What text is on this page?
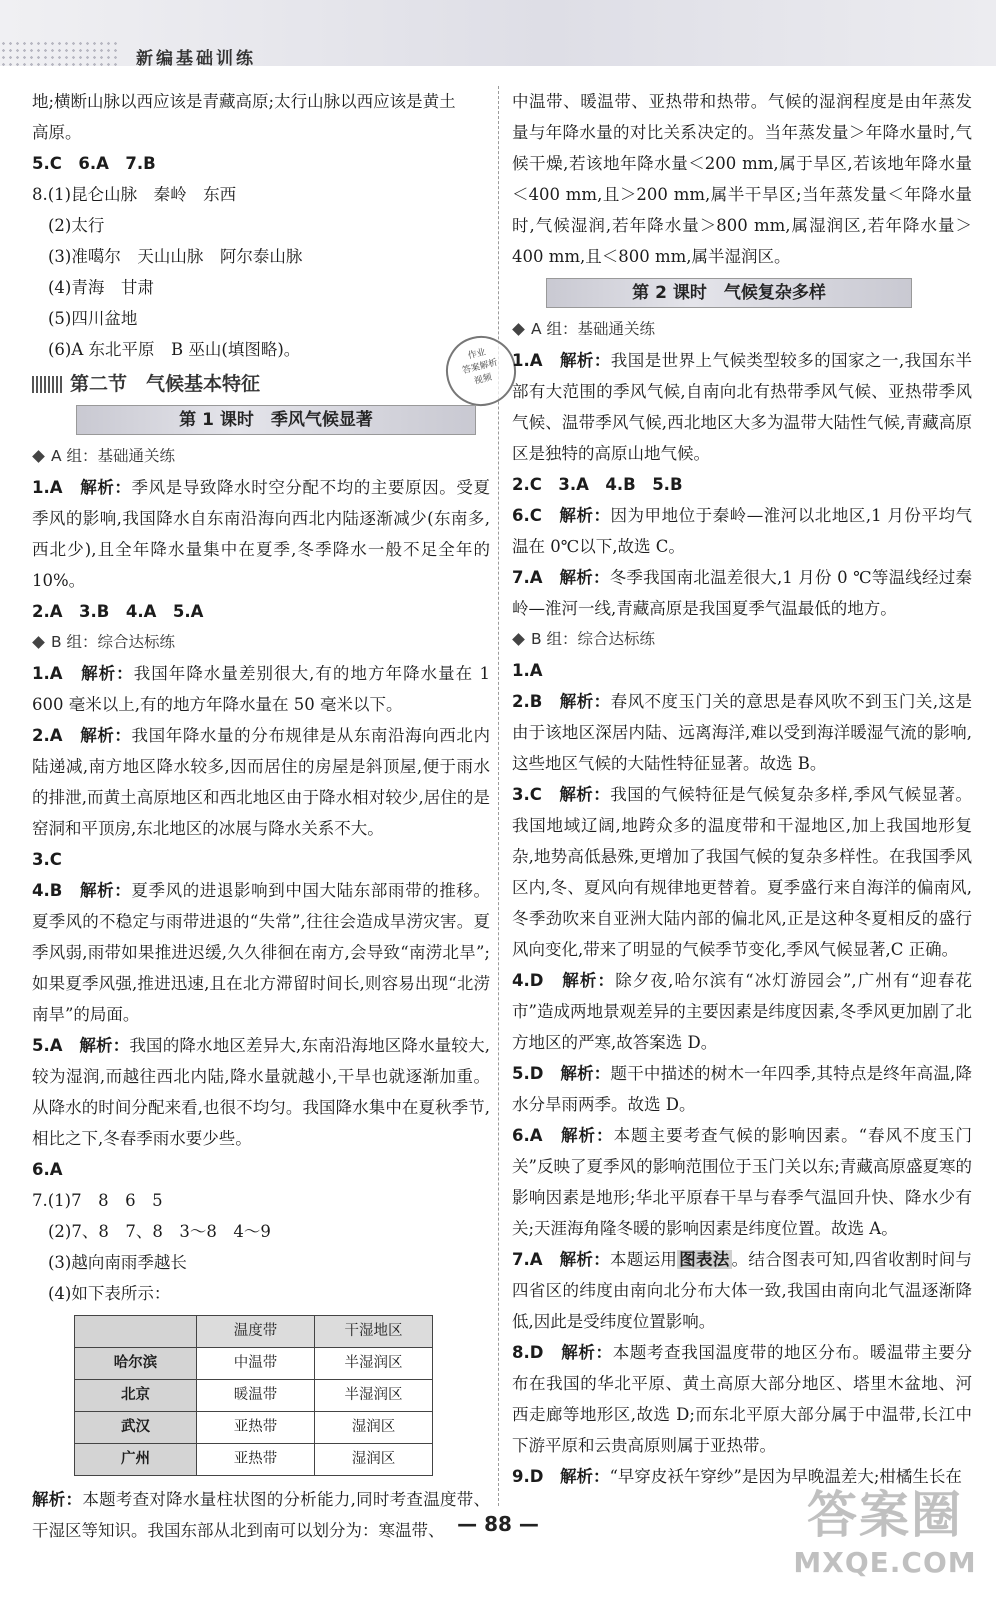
新编基础训练
作业
答案解析
视频

地;横断山脉以西应该是青藏高原;太行山脉以西应该是黄土

高原。

5.C　6.A　7.B

8.(1)昆仑山脉　秦岭　东西

(2)太行

(3)准噶尔　天山山脉　阿尔泰山脉

(4)青海　甘肃

(5)四川盆地

(6)A 东北平原　B 巫山(填图略)。

第二节　气候基本特征
第 1 课时　季风气候显著
A 组：基础通关练

1.A　 解析：季风是导致降水时空分配不均的主要原因。受夏季风的影响,我国降水自东南沿海向西北内陆逐渐减少(东南多,西北少),且全年降水量集中在夏季,冬季降水一般不足全年的 10%。

2.A　3.B　4.A　5.A

B 组：综合达标练

1.A　 解析：我国年降水量差别很大,有的地方年降水量在 1 600 毫米以上,有的地方年降水量在 50 毫米以下。

2.A　 解析：我国年降水量的分布规律是从东南沿海向西北内陆递减,南方地区降水较多,因而居住的房屋是斜顶屋,便于雨水的排泄,而黄土高原地区和西北地区由于降水相对较少,居住的是窑洞和平顶房,东北地区的冰展与降水关系不大。

3.C

4.B　 解析：夏季风的进退影响到中国大陆东部雨带的推移。夏季风的不稳定与雨带进退的“失常”,往往会造成旱涝灾害。夏季风弱,雨带如果推进迟缓,久久徘徊在南方,会导致“南涝北旱”;如果夏季风强,推进迅速,且在北方滞留时间长,则容易出现“北涝南旱”的局面。

5.A　 解析：我国的降水地区差异大,东南沿海地区降水量较大,较为湿润,而越往西北内陆,降水量就越小,干旱也就逐渐加重。从降水的时间分配来看,也很不均匀。我国降水集中在夏秋季节,相比之下,冬春季雨水要少些。

6.A

7.(1)7　8　6　5

(2)7、8　7、8　3～8　4～9

(3)越向南雨季越长

(4)如下表所示：

	温度带	干湿地区
哈尔滨	中温带	半湿润区
北京	暖温带	半湿润区
武汉	亚热带	湿润区
广州	亚热带	湿润区

解析：本题考查对降水量柱状图的分析能力,同时考查温度带、干湿区等知识。我国东部从北到南可以划分为：寒温带、

中温带、暖温带、亚热带和热带。气候的湿润程度是由年蒸发量与年降水量的对比关系决定的。当年蒸发量＞年降水量时,气候干燥,若该地年降水量＜200 mm,属于旱区,若该地年降水量＜400 mm,且＞200 mm,属半干旱区;当年蒸发量＜年降水量时,气候湿润,若年降水量＞800 mm,属湿润区,若年降水量＞400 mm,且＜800 mm,属半湿润区。

第 2 课时　气候复杂多样
A 组：基础通关练

1.A　 解析：我国是世界上气候类型较多的国家之一,我国东半部有大范围的季风气候,自南向北有热带季风气候、亚热带季风气候、温带季风气候,西北地区大多为温带大陆性气候,青藏高原区是独特的高原山地气候。

2.C　3.A　4.B　5.B

6.C　 解析：因为甲地位于秦岭—淮河以北地区,1 月份平均气温在 0℃以下,故选 C。

7.A　 解析：冬季我国南北温差很大,1 月份 0 ℃等温线经过秦岭—淮河一线,青藏高原是我国夏季气温最低的地方。

B 组：综合达标练

1.A

2.B　 解析：春风不度玉门关的意思是春风吹不到玉门关,这是由于该地区深居内陆、远离海洋,难以受到海洋暖湿气流的影响,这些地区气候的大陆性特征显著。故选 B。

3.C　 解析：我国的气候特征是气候复杂多样,季风气候显著。我国地域辽阔,地跨众多的温度带和干湿地区,加上我国地形复杂,地势高低悬殊,更增加了我国气候的复杂多样性。在我国季风区内,冬、夏风向有规律地更替着。夏季盛行来自海洋的偏南风,冬季劲吹来自亚洲大陆内部的偏北风,正是这种冬夏相反的盛行风向变化,带来了明显的气候季节变化,季风气候显著,C 正确。

4.D　 解析：除夕夜,哈尔滨有“冰灯游园会”,广州有“迎春花市”造成两地景观差异的主要因素是纬度因素,冬季风更加剧了北方地区的严寒,故答案选 D。

5.D　 解析：题干中描述的树木一年四季,其特点是终年高温,降水分旱雨两季。故选 D。

6.A　 解析：本题主要考查气候的影响因素。“春风不度玉门关”反映了夏季风的影响范围位于玉门关以东;青藏高原盛夏寒的影响因素是地形;华北平原春干旱与春季气温回升快、降水少有关;天涯海角隆冬暖的影响因素是纬度位置。故选 A。

7.A　 解析：本题运用 图表法 。结合图表可知,四省收割时间与四省区的纬度由南向北分布大体一致,我国由南向北气温逐渐降低,因此是受纬度位置影响。

8.D　 解析：本题考查我国温度带的地区分布。暖温带主要分布在我国的华北平原、黄土高原大部分地区、塔里木盆地、河西走廊等地形区,故选 D;而东北平原大部分属于中温带,长江中下游平原和云贵高原则属于亚热带。

9.D　 解析：“早穿皮袄午穿纱”是因为早晚温差大;柑橘生长在

— 88 —	答案圈
MXQE.COM
